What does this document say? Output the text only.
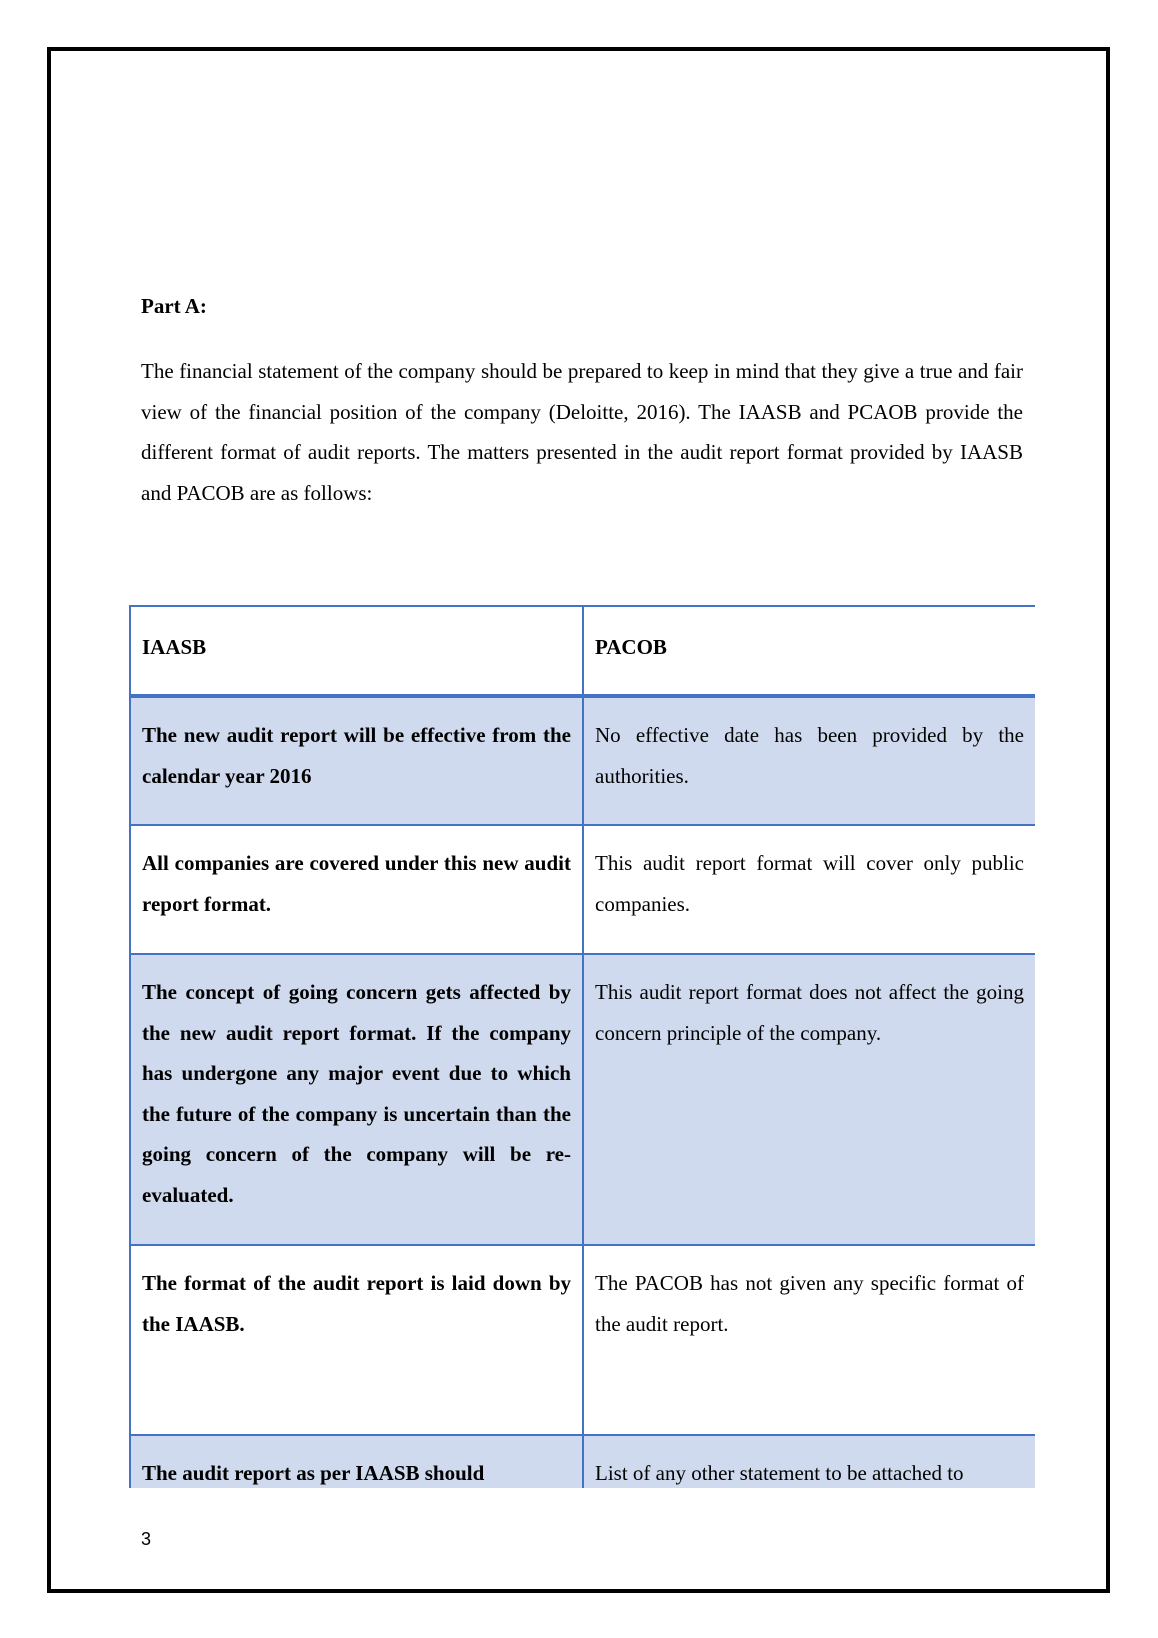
Part A:

The financial statement of the company should be prepared to keep in mind that they give a true and fair view of the financial position of the company (Deloitte, 2016). The IAASB and PCAOB provide the different format of audit reports. The matters presented in the audit report format provided by IAASB and PACOB are as follows:

IAASB	PACOB
The new audit report will be effective from the calendar year 2016	No effective date has been provided by the authorities.
All companies are covered under this new audit report format.	This audit report format will cover only public companies.
The concept of going concern gets affected by the new audit report format. If the company has undergone any major event due to which the future of the company is uncertain than the going concern of the company will be re-evaluated.	This audit report format does not affect the going concern principle of the company.
The format of the audit report is laid down by the IAASB.	The PACOB has not given any specific format of the audit report.
The audit report as per IAASB should	List of any other statement to be attached to
3
